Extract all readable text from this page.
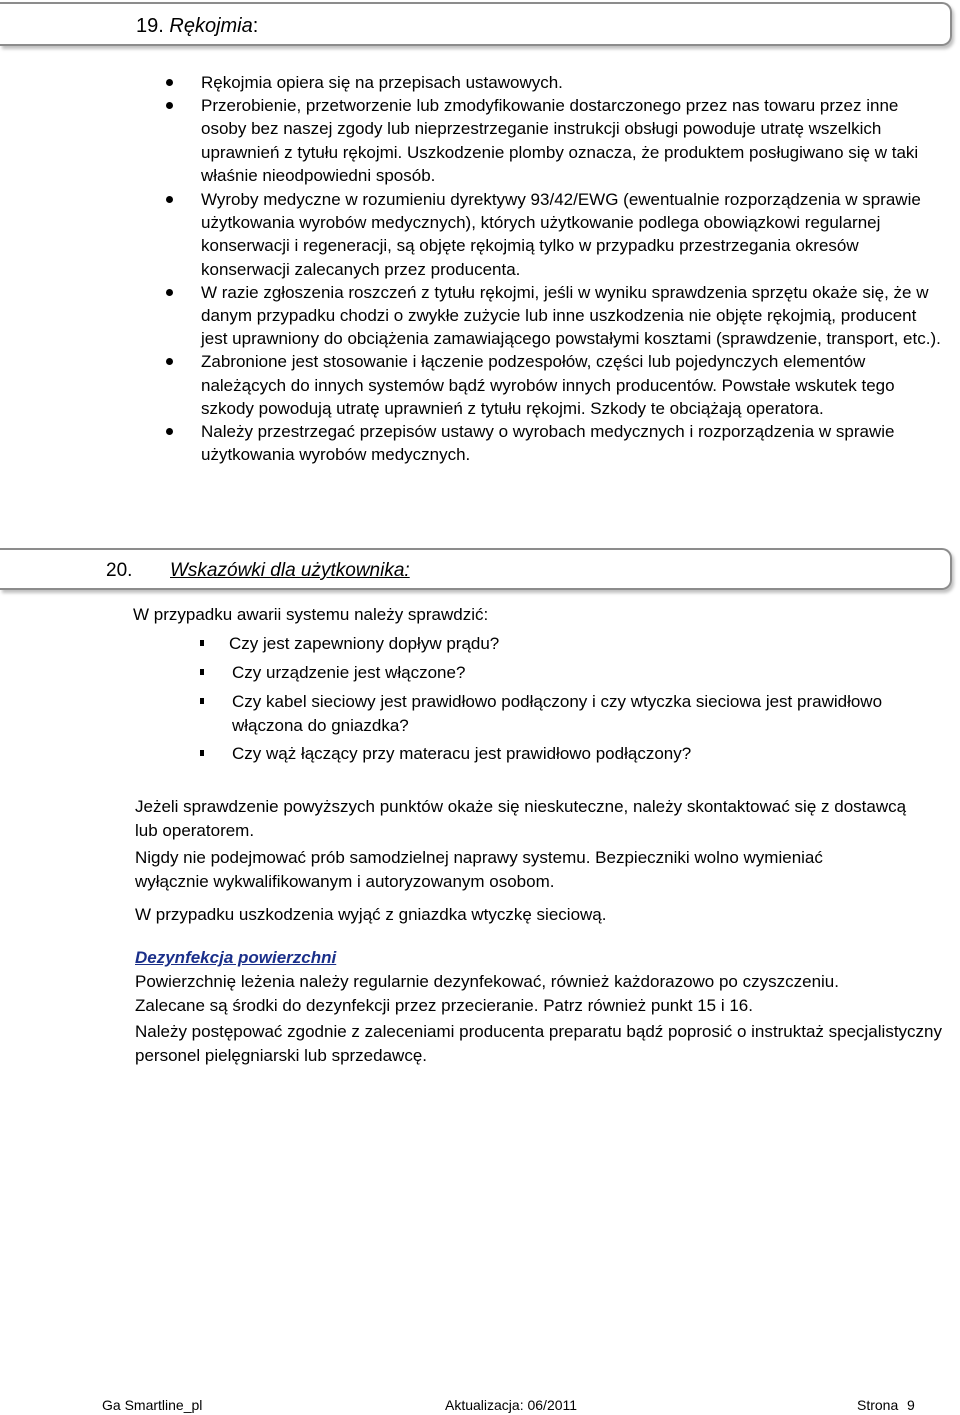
19. Rękojmia:
Rękojmia opiera się na przepisach ustawowych.
Przerobienie, przetworzenie lub zmodyfikowanie dostarczonego przez nas towaru przez inne osoby bez naszej zgody lub nieprzestrzeganie instrukcji obsługi powoduje utratę wszelkich uprawnień z tytułu rękojmi. Uszkodzenie plomby oznacza, że produktem posługiwano się w taki właśnie nieodpowiedni sposób.
Wyroby medyczne w rozumieniu dyrektywy 93/42/EWG (ewentualnie rozporządzenia w sprawie użytkowania wyrobów medycznych), których użytkowanie podlega obowiązkowi regularnej konserwacji i regeneracji, są objęte rękojmią tylko w przypadku przestrzegania okresów konserwacji zalecanych przez producenta.
W razie zgłoszenia roszczeń z tytułu rękojmi, jeśli w wyniku sprawdzenia sprzętu okaże się, że w danym przypadku chodzi o zwykłe zużycie lub inne uszkodzenia nie objęte rękojmią, producent jest uprawniony do obciążenia zamawiającego powstałymi kosztami (sprawdzenie, transport, etc.).
Zabronione jest stosowanie i łączenie podzespołów, części lub pojedynczych elementów należących do innych systemów bądź wyrobów innych producentów. Powstałe wskutek tego szkody powodują utratę uprawnień z tytułu rękojmi. Szkody te obciążają operatora.
Należy przestrzegać przepisów ustawy o wyrobach medycznych i rozporządzenia w sprawie użytkowania wyrobów medycznych.
20. Wskazówki dla użytkownika:

W przypadku awarii systemu należy sprawdzić:

Czy jest zapewniony dopływ prądu?
Czy urządzenie jest włączone?
Czy kabel sieciowy jest prawidłowo podłączony i czy wtyczka sieciowa jest prawidłowo włączona do gniazdka?
Czy wąż łączący przy materacu jest prawidłowo podłączony?

Jeżeli sprawdzenie powyższych punktów okaże się nieskuteczne, należy skontaktować się z dostawcą lub operatorem.

Nigdy nie podejmować prób samodzielnej naprawy systemu. Bezpieczniki wolno wymieniać wyłącznie wykwalifikowanym i autoryzowanym osobom.

W przypadku uszkodzenia wyjąć z gniazdka wtyczkę sieciową.

Dezynfekcja powierzchni

Powierzchnię leżenia należy regularnie dezynfekować, również każdorazowo po czyszczeniu.

Zalecane są środki do dezynfekcji przez przecieranie. Patrz również punkt 15 i 16.

Należy postępować zgodnie z zaleceniami producenta preparatu bądź poprosić o instruktaż specjalistyczny personel pielęgniarski lub sprzedawcę.

Ga Smartline_pl	Aktualizacja: 06/2011	Strona 9
